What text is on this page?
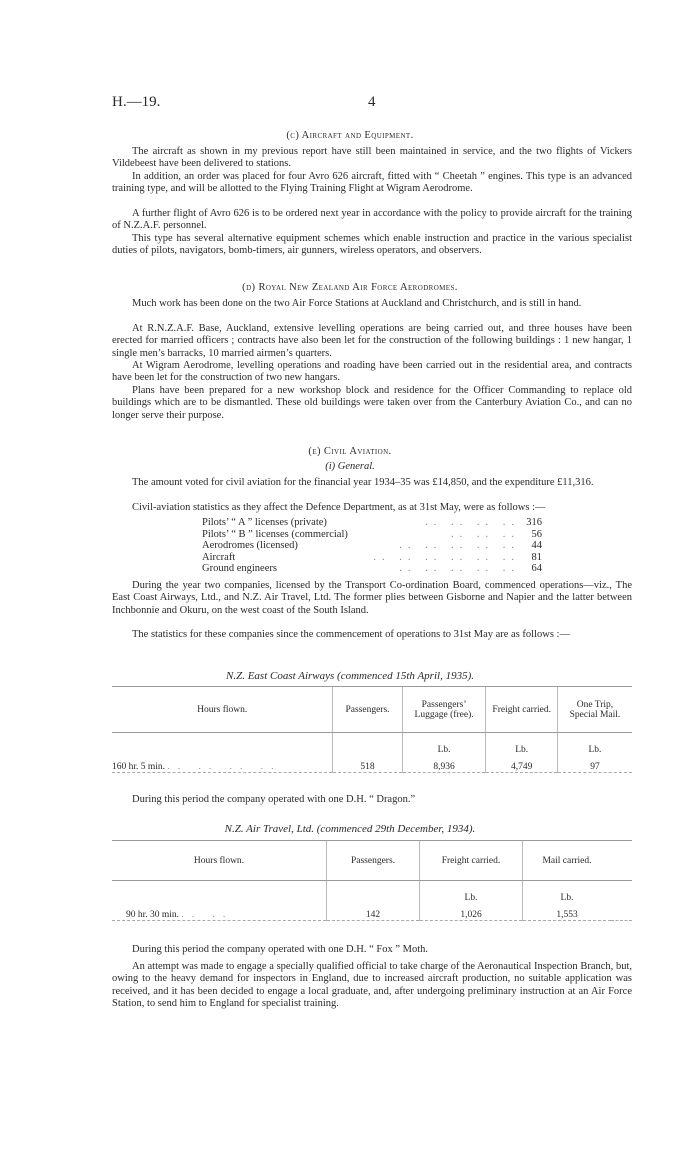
H.—19.	4
(c) Aircraft and Equipment.
The aircraft as shown in my previous report have still been maintained in service, and the two flights of Vickers Vildebeest have been delivered to stations.
In addition, an order was placed for four Avro 626 aircraft, fitted with “ Cheetah ” engines. This type is an advanced training type, and will be allotted to the Flying Training Flight at Wigram Aerodrome.
A further flight of Avro 626 is to be ordered next year in accordance with the policy to provide aircraft for the training of N.Z.A.F. personnel.
This type has several alternative equipment schemes which enable instruction and practice in the various specialist duties of pilots, navigators, bomb-timers, air gunners, wireless operators, and observers.
(d) Royal New Zealand Air Force Aerodromes.
Much work has been done on the two Air Force Stations at Auckland and Christchurch, and is still in hand.
At R.N.Z.A.F. Base, Auckland, extensive levelling operations are being carried out, and three houses have been erected for married officers ; contracts have also been let for the construction of the following buildings : 1 new hangar, 1 single men’s barracks, 10 married airmen’s quarters.
At Wigram Aerodrome, levelling operations and roading have been carried out in the residential area, and contracts have been let for the construction of two new hangars.
Plans have been prepared for a new workshop block and residence for the Officer Commanding to replace old buildings which are to be dismantled. These old buildings were taken over from the Canterbury Aviation Co., and can no longer serve their purpose.
(e) Civil Aviation.
(i) General.
The amount voted for civil aviation for the financial year 1934–35 was £14,850, and the expenditure £11,316.
Civil-aviation statistics as they affect the Defence Department, as at 31st May, were as follows :—
Pilots’ “ A ” licenses (private)	.. .. .. .. 316
Pilots’ “ B ” licenses (commercial)	.. .. ..	56
Aerodromes (licensed)	.. .. .. .. ..	44
Aircraft	.. .. .. .. .. ..	81
Ground engineers	.. .. .. .. ..	64
During the year two companies, licensed by the Transport Co-ordination Board, commenced operations—viz., The East Coast Airways, Ltd., and N.Z. Air Travel, Ltd. The former plies between Gisborne and Napier and the latter between Inchbonnie and Okuru, on the west coast of the South Island.
The statistics for these companies since the commencement of operations to 31st May are as follows :—
N.Z. East Coast Airways (commenced 15th April, 1935).
Hours flown.	Passengers.	Passengers’ Luggage (free).	Freight carried.	One Trip, Special Mail.
		Lb.	Lb.	Lb.
160 hr. 5 min. .. .. .. ..	518	8,936	4,749	97
During this period the company operated with one D.H. “ Dragon.”
N.Z. Air Travel, Ltd. (commenced 29th December, 1934).
Hours flown.	Passengers.	Freight carried.	Mail carried.	
		Lb.	Lb.	
90 hr. 30 min. .. ..	142	1,026	1,553	
During this period the company operated with one D.H. “ Fox ” Moth.
An attempt was made to engage a specially qualified official to take charge of the Aeronautical Inspection Branch, but, owing to the heavy demand for inspectors in England, due to increased aircraft production, no suitable application was received, and it has been decided to engage a local graduate, and, after undergoing preliminary instruction at an Air Force Station, to send him to England for specialist training.
